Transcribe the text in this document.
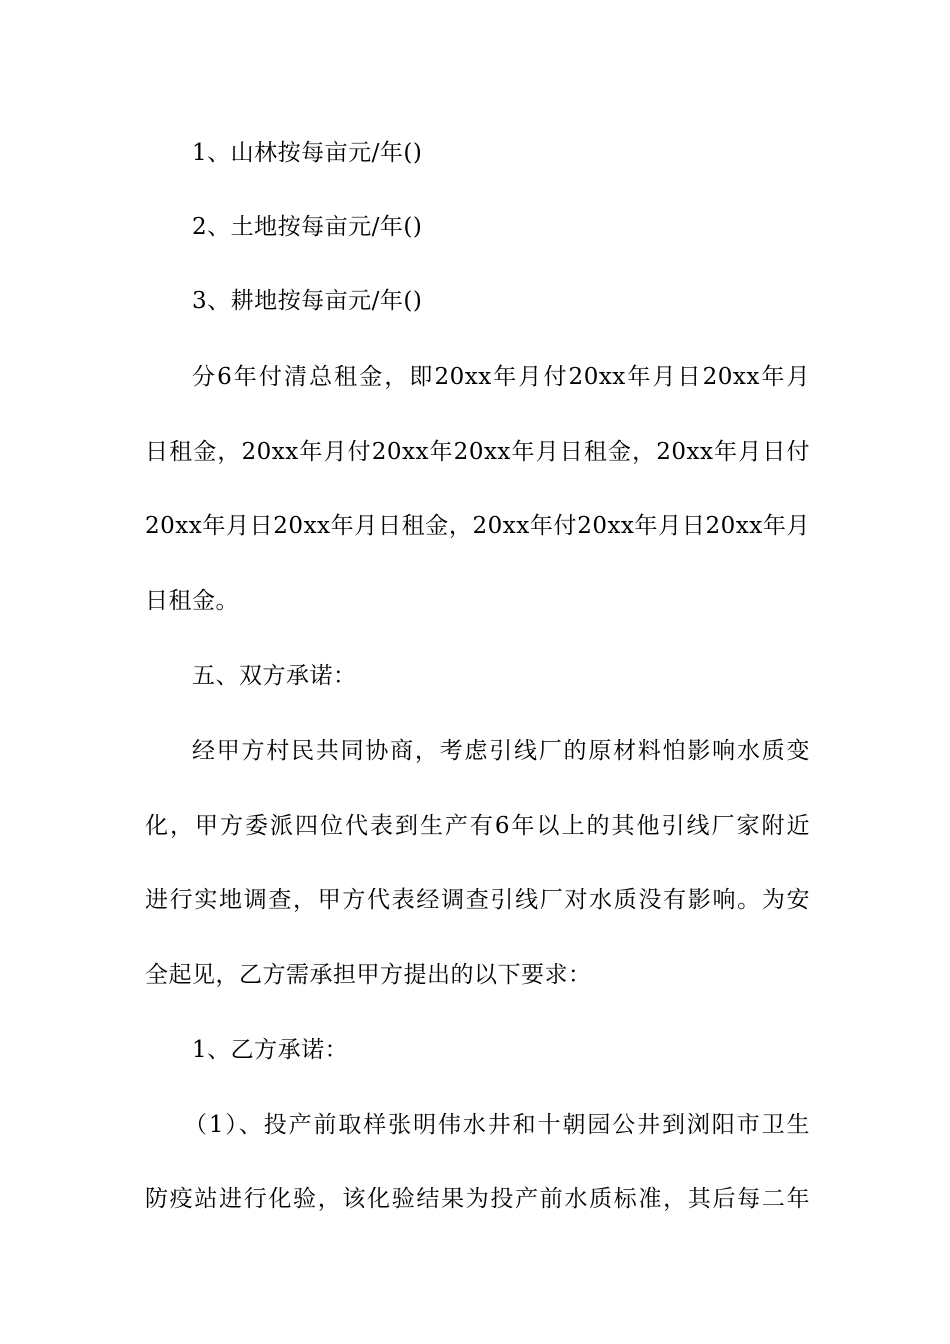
1、山林按每亩元/年()
2、土地按每亩元/年()
3、耕地按每亩元/年()
分6年付清总租金，即20xx年月付20xx年月日20xx年月
日租金，20xx年月付20xx年20xx年月日租金，20xx年月日付
20xx年月日20xx年月日租金，20xx年付20xx年月日20xx年月
日租金。
五、双方承诺：
经甲方村民共同协商，考虑引线厂的原材料怕影响水质变
化，甲方委派四位代表到生产有6年以上的其他引线厂家附近
进行实地调查，甲方代表经调查引线厂对水质没有影响。为安
全起见，乙方需承担甲方提出的以下要求：
1、乙方承诺：
（1）、投产前取样张明伟水井和十朝园公井到浏阳市卫生
防疫站进行化验，该化验结果为投产前水质标准，其后每二年
